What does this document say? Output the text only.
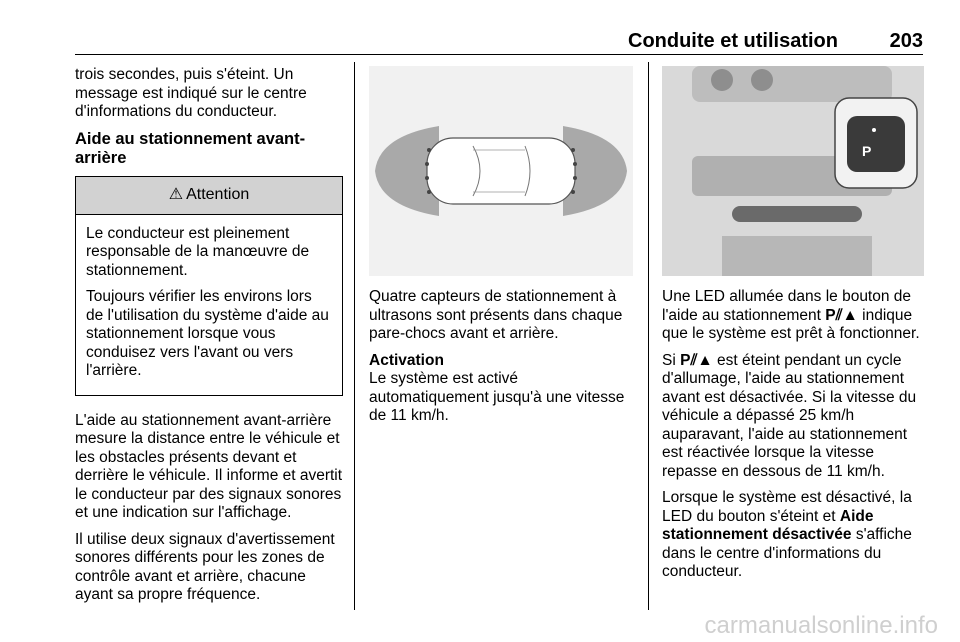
Conduite et utilisation	203

trois secondes, puis s'éteint. Un message est indiqué sur le centre d'informations du conducteur.

Aide au stationnement avant-arrière
⚠ Attention

Le conducteur est pleinement responsable de la manœuvre de stationnement.

Toujours vérifier les environs lors de l'utilisation du système d'aide au stationnement lorsque vous conduisez vers l'avant ou vers l'arrière.

L'aide au stationnement avant-arrière mesure la distance entre le véhicule et les obstacles présents devant et derrière le véhicule. Il informe et avertit le conducteur par des signaux sonores et une indication sur l'affichage.

Il utilise deux signaux d'avertissement sonores différents pour les zones de contrôle avant et arrière, chacune ayant sa propre fréquence.

Quatre capteurs de stationnement à ultrasons sont présents dans chaque pare-chocs avant et arrière.

Activation

Le système est activé automatiquement jusqu'à une vitesse de 11 km/h.

P

Une LED allumée dans le bouton de l'aide au stationnement P⫽▲ indique que le système est prêt à fonctionner.

Si P⫽▲ est éteint pendant un cycle d'allumage, l'aide au stationnement avant est désactivée. Si la vitesse du véhicule a dépassé 25 km/h auparavant, l'aide au stationnement est réactivée lorsque la vitesse repasse en dessous de 11 km/h.

Lorsque le système est désactivé, la LED du bouton s'éteint et Aide stationnement désactivée s'affiche dans le centre d'informations du conducteur.

carmanualsonline.info
